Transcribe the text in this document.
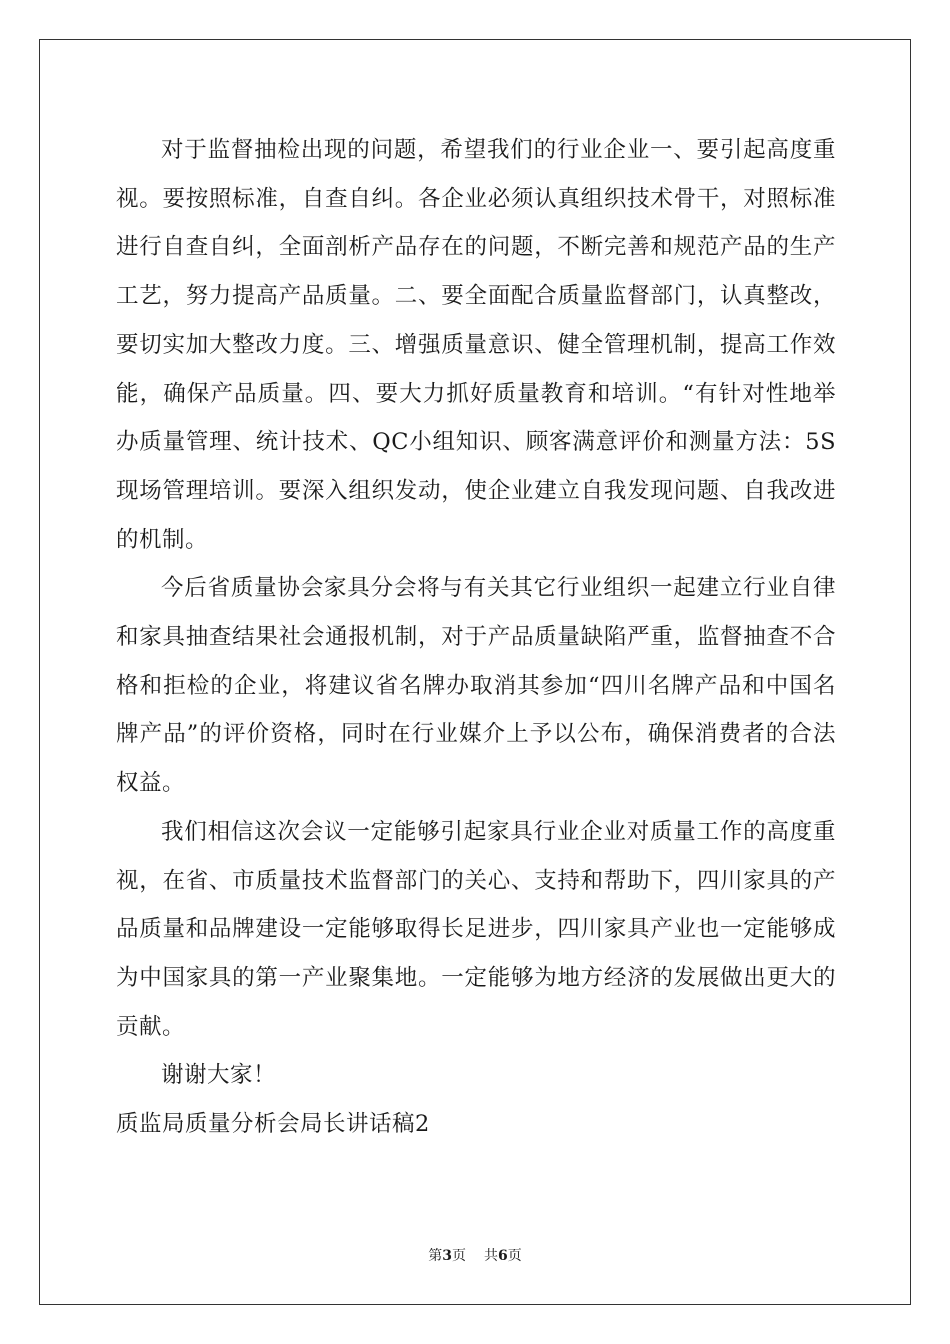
对于监督抽检出现的问题，希望我们的行业企业一、要引起高度重视。要按照标准，自查自纠。各企业必须认真组织技术骨干，对照标准进行自查自纠，全面剖析产品存在的问题，不断完善和规范产品的生产工艺，努力提高产品质量。二、要全面配合质量监督部门，认真整改，要切实加大整改力度。三、增强质量意识、健全管理机制，提高工作效能，确保产品质量。四、要大力抓好质量教育和培训。“有针对性地举办质量管理、统计技术、QC小组知识、顾客满意评价和测量方法：5S现场管理培训。要深入组织发动，使企业建立自我发现问题、自我改进的机制。

今后省质量协会家具分会将与有关其它行业组织一起建立行业自律和家具抽查结果社会通报机制，对于产品质量缺陷严重，监督抽查不合格和拒检的企业，将建议省名牌办取消其参加“四川名牌产品和中国名牌产品”的评价资格，同时在行业媒介上予以公布，确保消费者的合法权益。

我们相信这次会议一定能够引起家具行业企业对质量工作的高度重视，在省、市质量技术监督部门的关心、支持和帮助下，四川家具的产品质量和品牌建设一定能够取得长足进步，四川家具产业也一定能够成为中国家具的第一产业聚集地。一定能够为地方经济的发展做出更大的贡献。

谢谢大家！

质监局质量分析会局长讲话稿2

第3页 共6页
